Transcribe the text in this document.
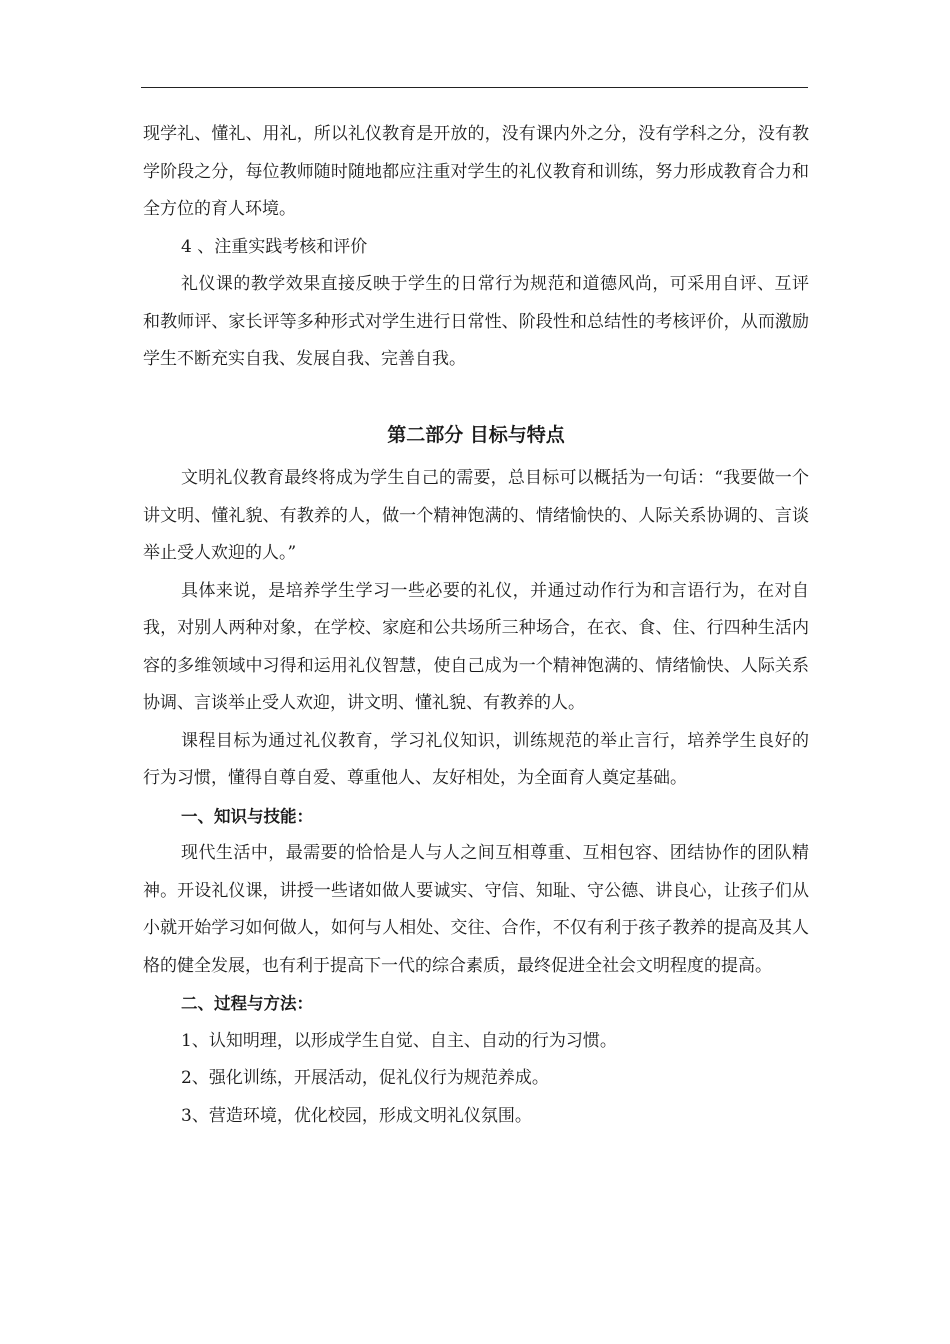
现学礼、懂礼、用礼，所以礼仪教育是开放的，没有课内外之分，没有学科之分，没有教学阶段之分，每位教师随时随地都应注重对学生的礼仪教育和训练，努力形成教育合力和全方位的育人环境。

4 、注重实践考核和评价

礼仪课的教学效果直接反映于学生的日常行为规范和道德风尚，可采用自评、互评和教师评、家长评等多种形式对学生进行日常性、阶段性和总结性的考核评价，从而激励学生不断充实自我、发展自我、完善自我。

第二部分 目标与特点

文明礼仪教育最终将成为学生自己的需要，总目标可以概括为一句话：“我要做一个讲文明、懂礼貌、有教养的人，做一个精神饱满的、情绪愉快的、人际关系协调的、言谈举止受人欢迎的人。”

具体来说，是培养学生学习一些必要的礼仪，并通过动作行为和言语行为，在对自我，对别人两种对象，在学校、家庭和公共场所三种场合，在衣、食、住、行四种生活内容的多维领域中习得和运用礼仪智慧，使自己成为一个精神饱满的、情绪愉快、人际关系协调、言谈举止受人欢迎，讲文明、懂礼貌、有教养的人。

课程目标为通过礼仪教育，学习礼仪知识，训练规范的举止言行，培养学生良好的行为习惯，懂得自尊自爱、尊重他人、友好相处，为全面育人奠定基础。

一、知识与技能：

现代生活中，最需要的恰恰是人与人之间互相尊重、互相包容、团结协作的团队精神。开设礼仪课，讲授一些诸如做人要诚实、守信、知耻、守公德、讲良心，让孩子们从小就开始学习如何做人，如何与人相处、交往、合作，不仅有利于孩子教养的提高及其人格的健全发展，也有利于提高下一代的综合素质，最终促进全社会文明程度的提高。

二、过程与方法：

1、认知明理，以形成学生自觉、自主、自动的行为习惯。

2、强化训练，开展活动，促礼仪行为规范养成。

3、营造环境，优化校园，形成文明礼仪氛围。
